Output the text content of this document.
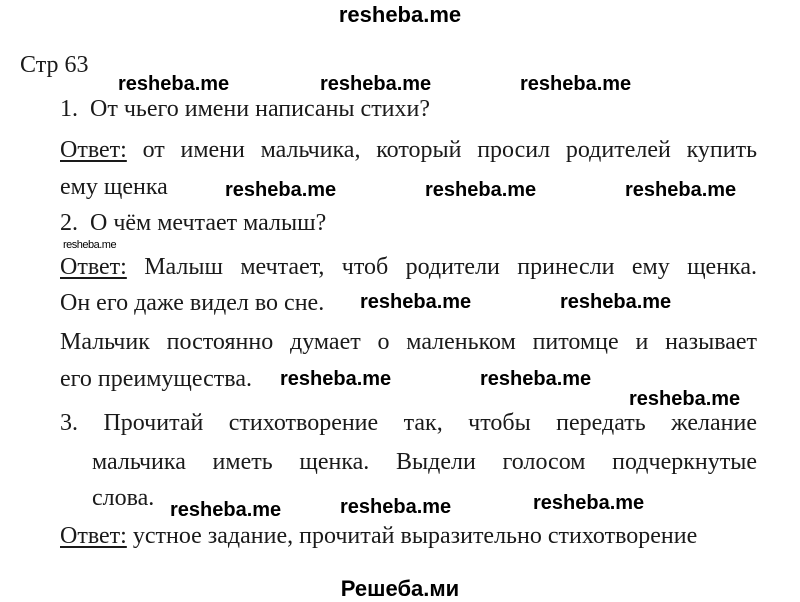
resheba.me
Стр 63
1.  От чьего имени написаны стихи?
Ответ: от имени мальчика, который просил родителей купить
ему щенка
2.  О чём мечтает малыш?
Ответ: Малыш мечтает, чтоб родители принесли ему щенка.
Он его даже видел во сне.
Мальчик постоянно думает о маленьком питомце и называет
его преимущества.
3. Прочитай стихотворение так, чтобы передать желание
мальчика иметь щенка. Выдели голосом подчеркнутые
слова.
Ответ: устное задание, прочитай выразительно стихотворение
resheba.me	resheba.me	resheba.me
resheba.me	resheba.me	resheba.me
resheba.me
resheba.me	resheba.me
resheba.me	resheba.me
resheba.me
resheba.me	resheba.me	resheba.me
Решеба.ми
